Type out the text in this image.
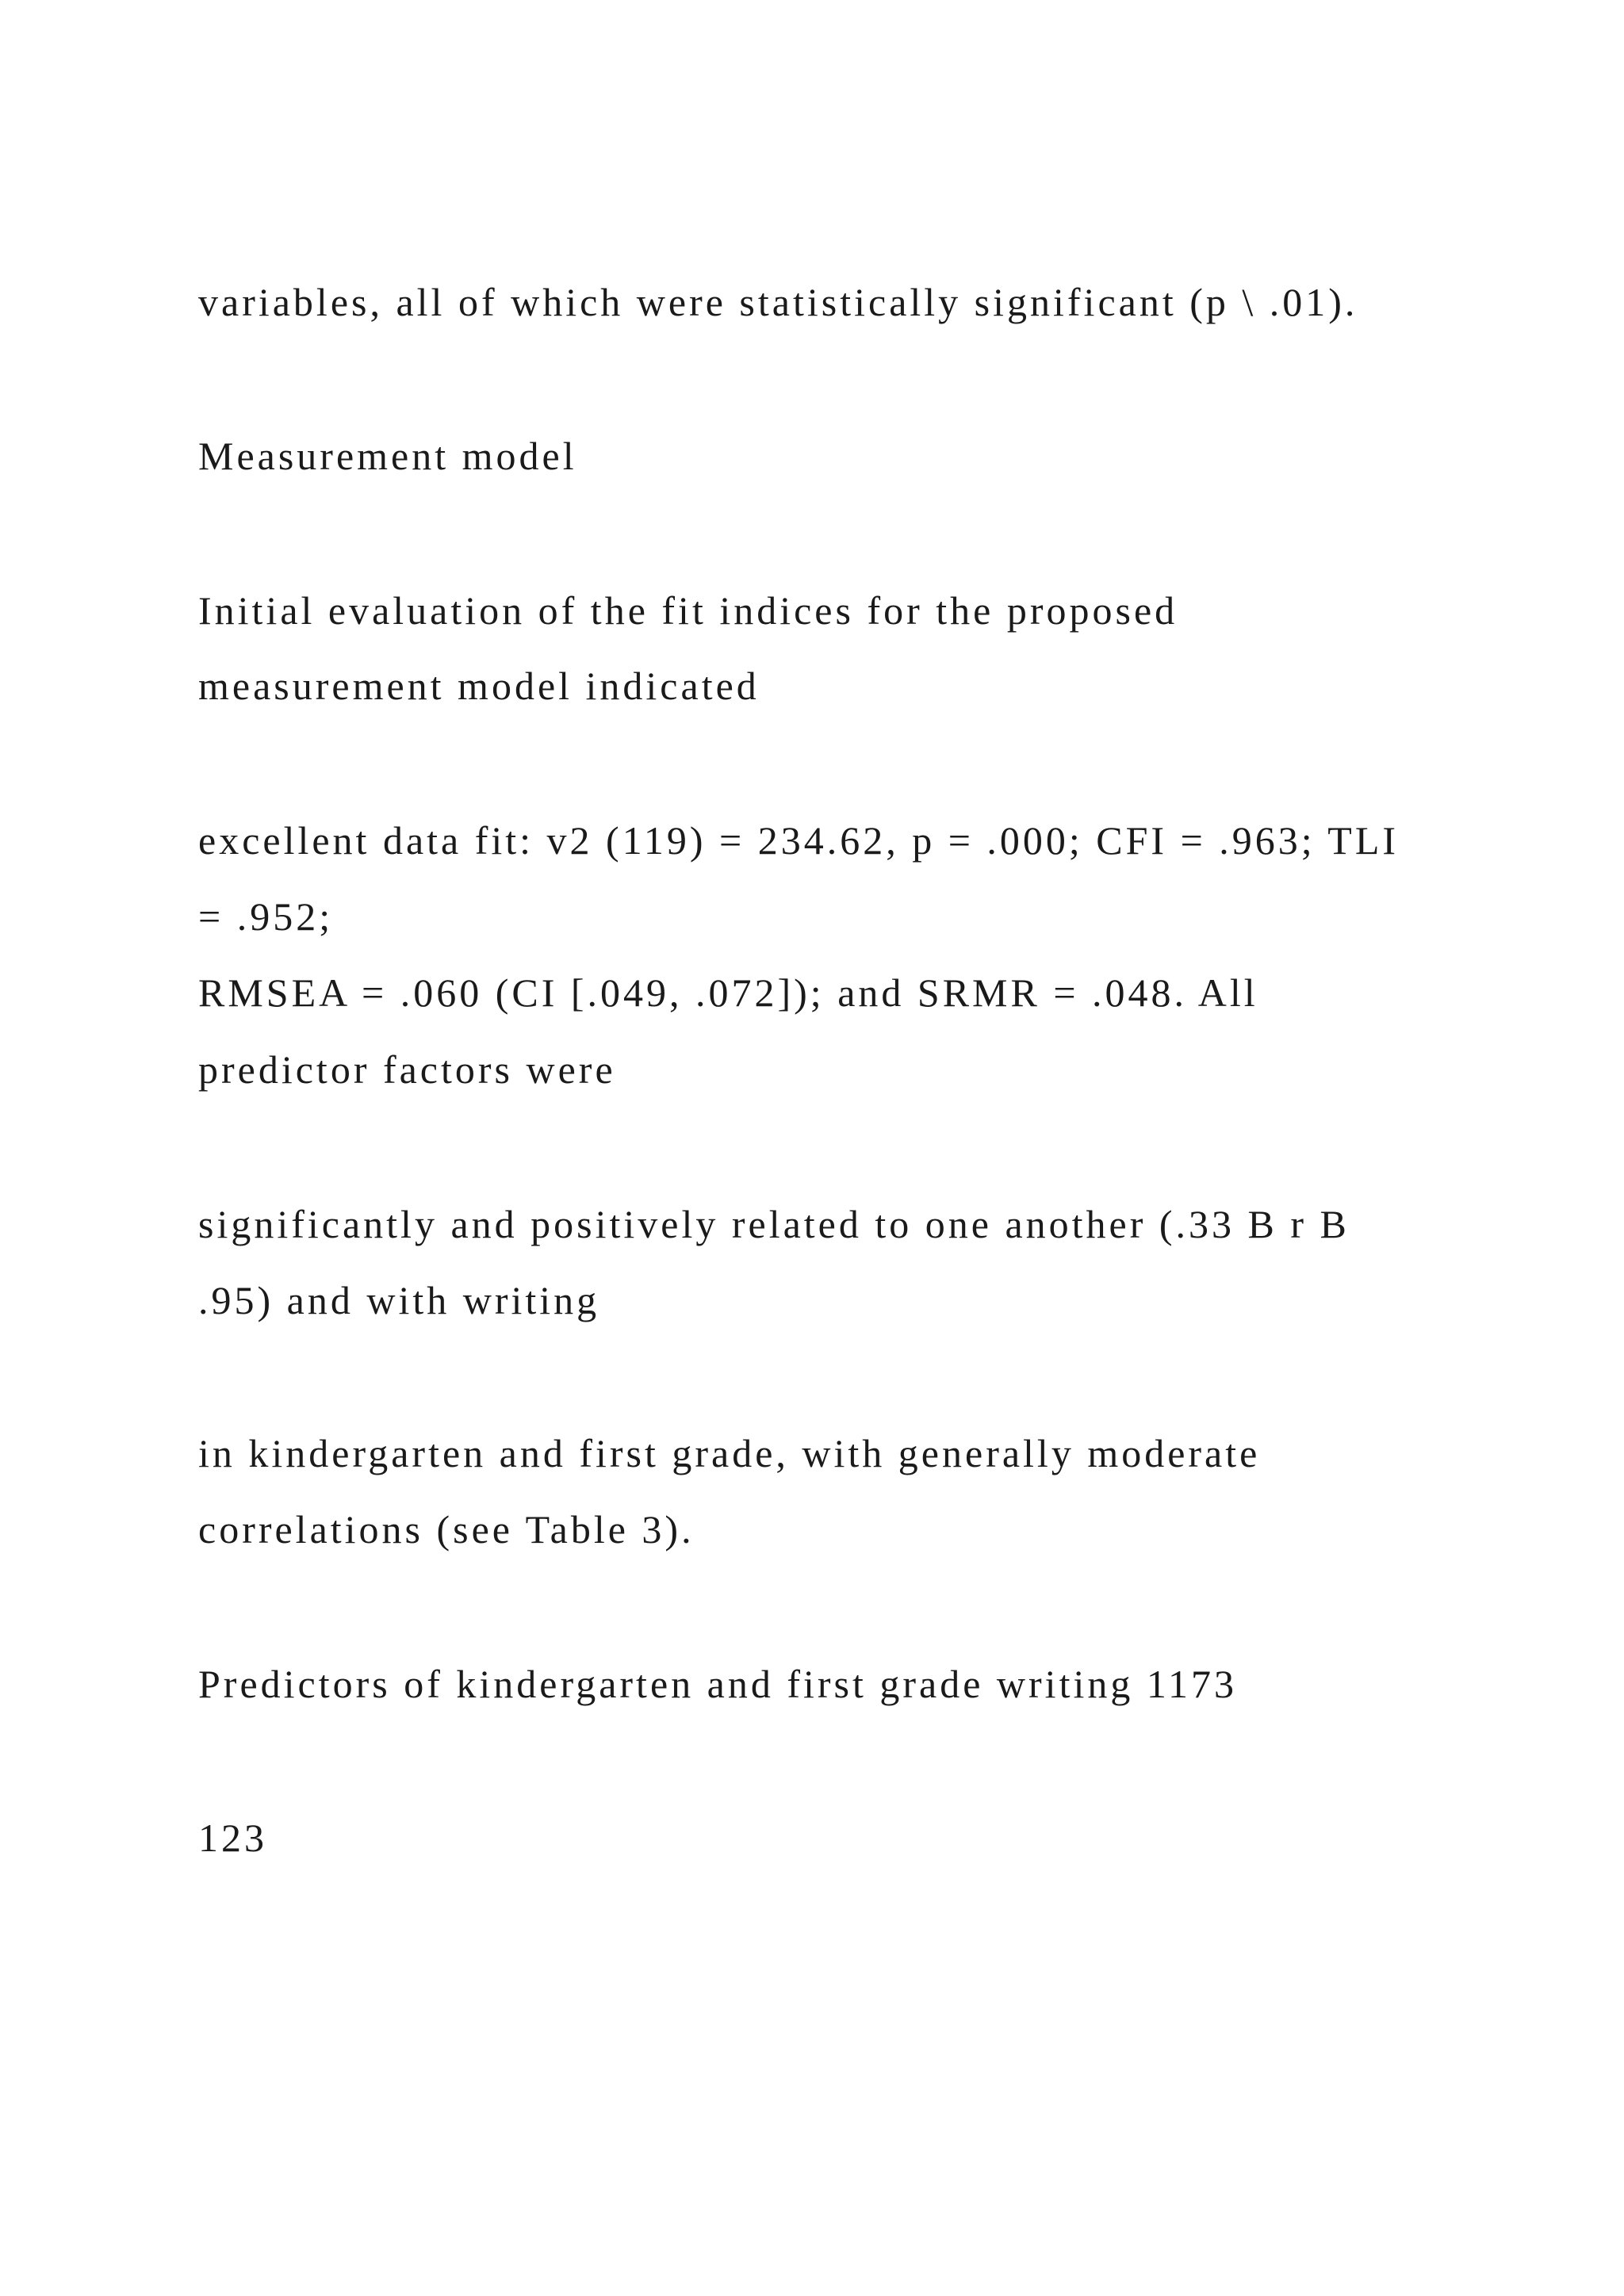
variables, all of which were statistically significant (p \ .01).

Measurement model

Initial evaluation of the fit indices for the proposed

measurement model indicated

excellent data fit: v2 (119) = 234.62, p = .000; CFI = .963; TLI

= .952;

RMSEA = .060 (CI [.049, .072]); and SRMR = .048. All

predictor factors were

significantly and positively related to one another (.33 B r B

.95) and with writing

in kindergarten and first grade, with generally moderate

correlations (see Table 3).

Predictors of kindergarten and first grade writing 1173

123
